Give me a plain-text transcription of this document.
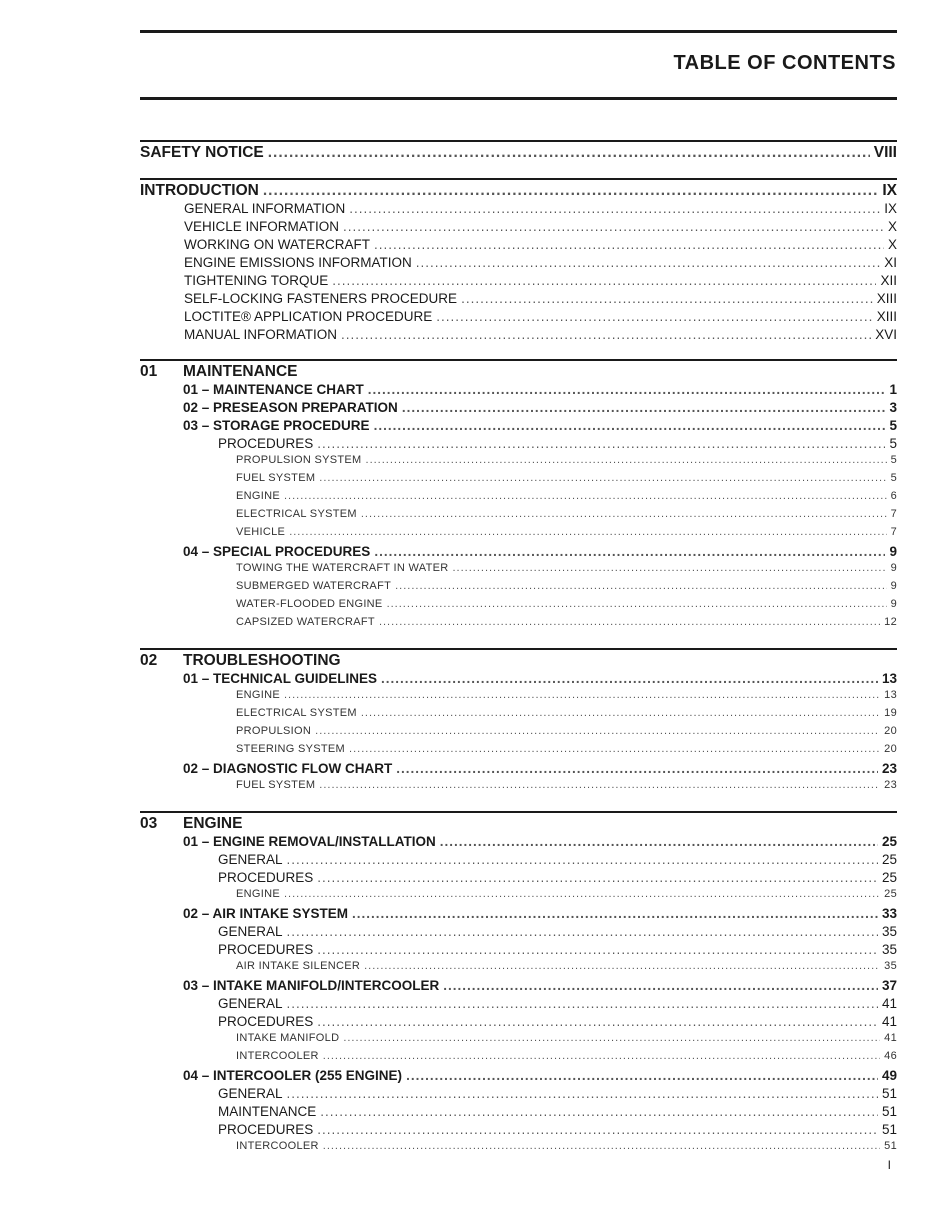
TABLE OF CONTENTS
SAFETY NOTICE .....	VIII
INTRODUCTION .....	IX
GENERAL INFORMATION .....	IX
VEHICLE INFORMATION .....	X
WORKING ON WATERCRAFT .....	X
ENGINE EMISSIONS INFORMATION .....	XI
TIGHTENING TORQUE .....	XII
SELF-LOCKING FASTENERS PROCEDURE .....	XIII
LOCTITE® APPLICATION PROCEDURE .....	XIII
MANUAL INFORMATION .....	XVI
01	MAINTENANCE
01 – MAINTENANCE CHART .....	1
02 – PRESEASON PREPARATION .....	3
03 – STORAGE PROCEDURE .....	5
PROCEDURES .....	5
PROPULSION SYSTEM .....	5
FUEL SYSTEM .....	5
ENGINE .....	6
ELECTRICAL SYSTEM .....	7
VEHICLE .....	7
04 – SPECIAL PROCEDURES .....	9
TOWING THE WATERCRAFT IN WATER .....	9
SUBMERGED WATERCRAFT .....	9
WATER-FLOODED ENGINE .....	9
CAPSIZED WATERCRAFT .....	12
02	TROUBLESHOOTING
01 – TECHNICAL GUIDELINES .....	13
ENGINE .....	13
ELECTRICAL SYSTEM .....	19
PROPULSION .....	20
STEERING SYSTEM .....	20
02 – DIAGNOSTIC FLOW CHART .....	23
FUEL SYSTEM .....	23
03	ENGINE
01 – ENGINE REMOVAL/INSTALLATION .....	25
GENERAL .....	25
PROCEDURES .....	25
ENGINE .....	25
02 – AIR INTAKE SYSTEM .....	33
GENERAL .....	35
PROCEDURES .....	35
AIR INTAKE SILENCER .....	35
03 – INTAKE MANIFOLD/INTERCOOLER .....	37
GENERAL .....	41
PROCEDURES .....	41
INTAKE MANIFOLD .....	41
INTERCOOLER .....	46
04 – INTERCOOLER (255 ENGINE) .....	49
GENERAL .....	51
MAINTENANCE .....	51
PROCEDURES .....	51
INTERCOOLER .....	51
I
